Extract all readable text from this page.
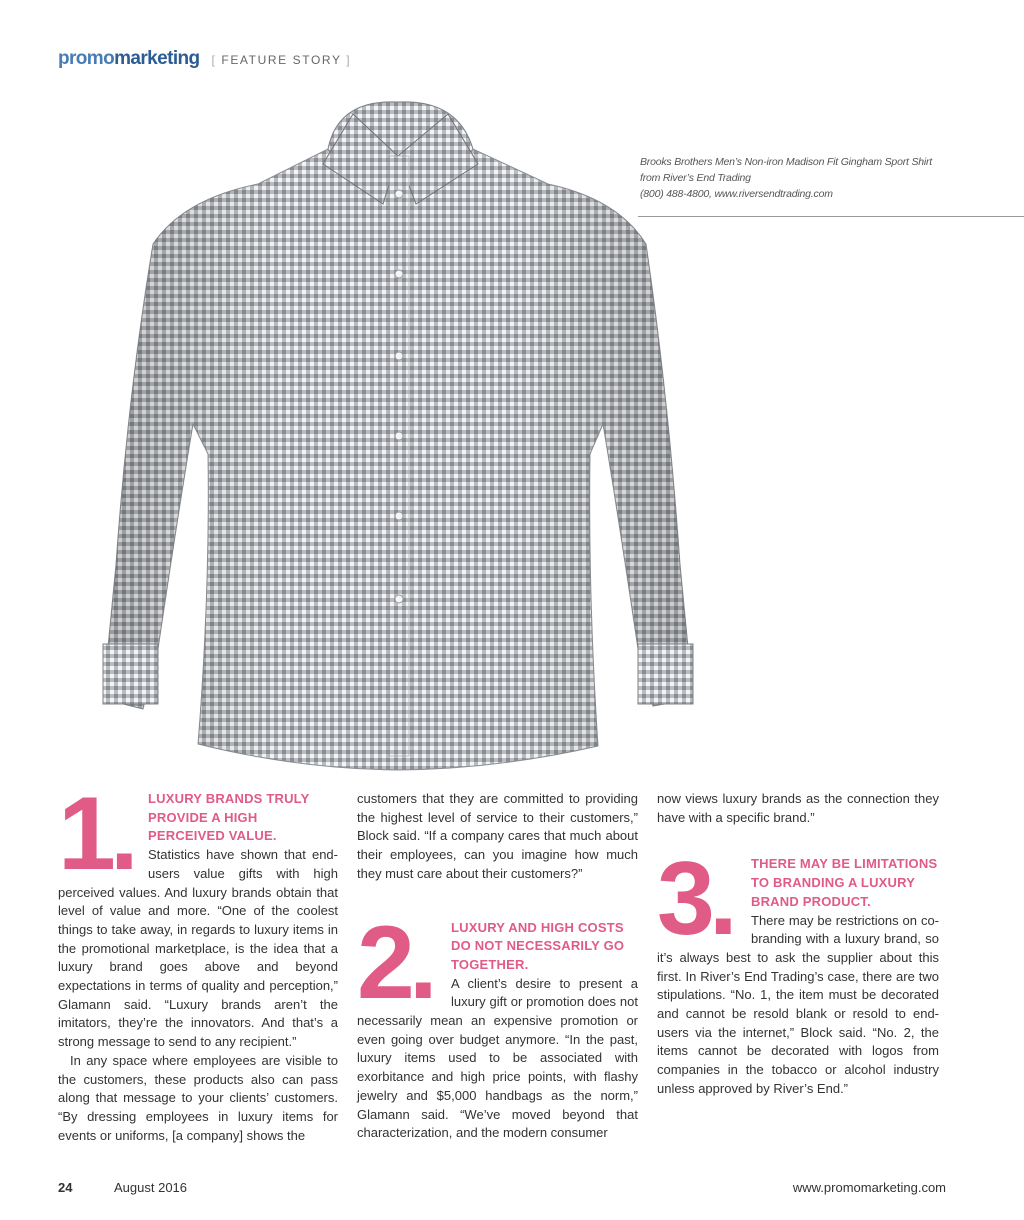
promomarketing [ FEATURE STORY ]
Brooks Brothers Men’s Non-iron Madison Fit Gingham Sport Shirt
from River’s End Trading
(800) 488-4800, www.riversendtrading.com
1.	LUXURY BRANDS TRULY PROVIDE A HIGH PERCEIVED VALUE.

Statistics have shown that end-users value gifts with high perceived values. And luxury brands obtain that level of value and more. “One of the coolest things to take away, in regards to luxury items in the promotional marketplace, is the idea that a luxury brand goes above and beyond expectations in terms of quality and perception,” Glamann said. “Luxury brands aren’t the imitators, they’re the innovators. And that’s a strong message to send to any recipient.”

In any space where employees are visible to the customers, these products also can pass along that message to your clients’ customers. “By dressing employees in luxury items for events or uniforms, [a company] shows the

customers that they are committed to providing the highest level of service to their customers,” Block said. “If a company cares that much about their employees, can you imagine how much they must care about their customers?”

2.	LUXURY AND HIGH COSTS DO NOT NECESSARILY GO TOGETHER.

A client’s desire to present a luxury gift or promotion does not necessarily mean an expensive promotion or even going over budget anymore. “In the past, luxury items used to be associated with exorbitance and high price points, with flashy jewelry and $5,000 handbags as the norm,” Glamann said. “We’ve moved beyond that characterization, and the modern consumer

now views luxury brands as the connection they have with a specific brand.”

3.	THERE MAY BE LIMITATIONS TO BRANDING A LUXURY BRAND PRODUCT.

There may be restrictions on co-branding with a luxury brand, so it’s always best to ask the supplier about this first. In River’s End Trading’s case, there are two stipulations. “No. 1, the item must be decorated and cannot be resold blank or resold to end-users via the internet,” Block said. “No. 2, the items cannot be decorated with logos from companies in the tobacco or alcohol industry unless approved by River’s End.”

24	August 2016	www.promomarketing.com
